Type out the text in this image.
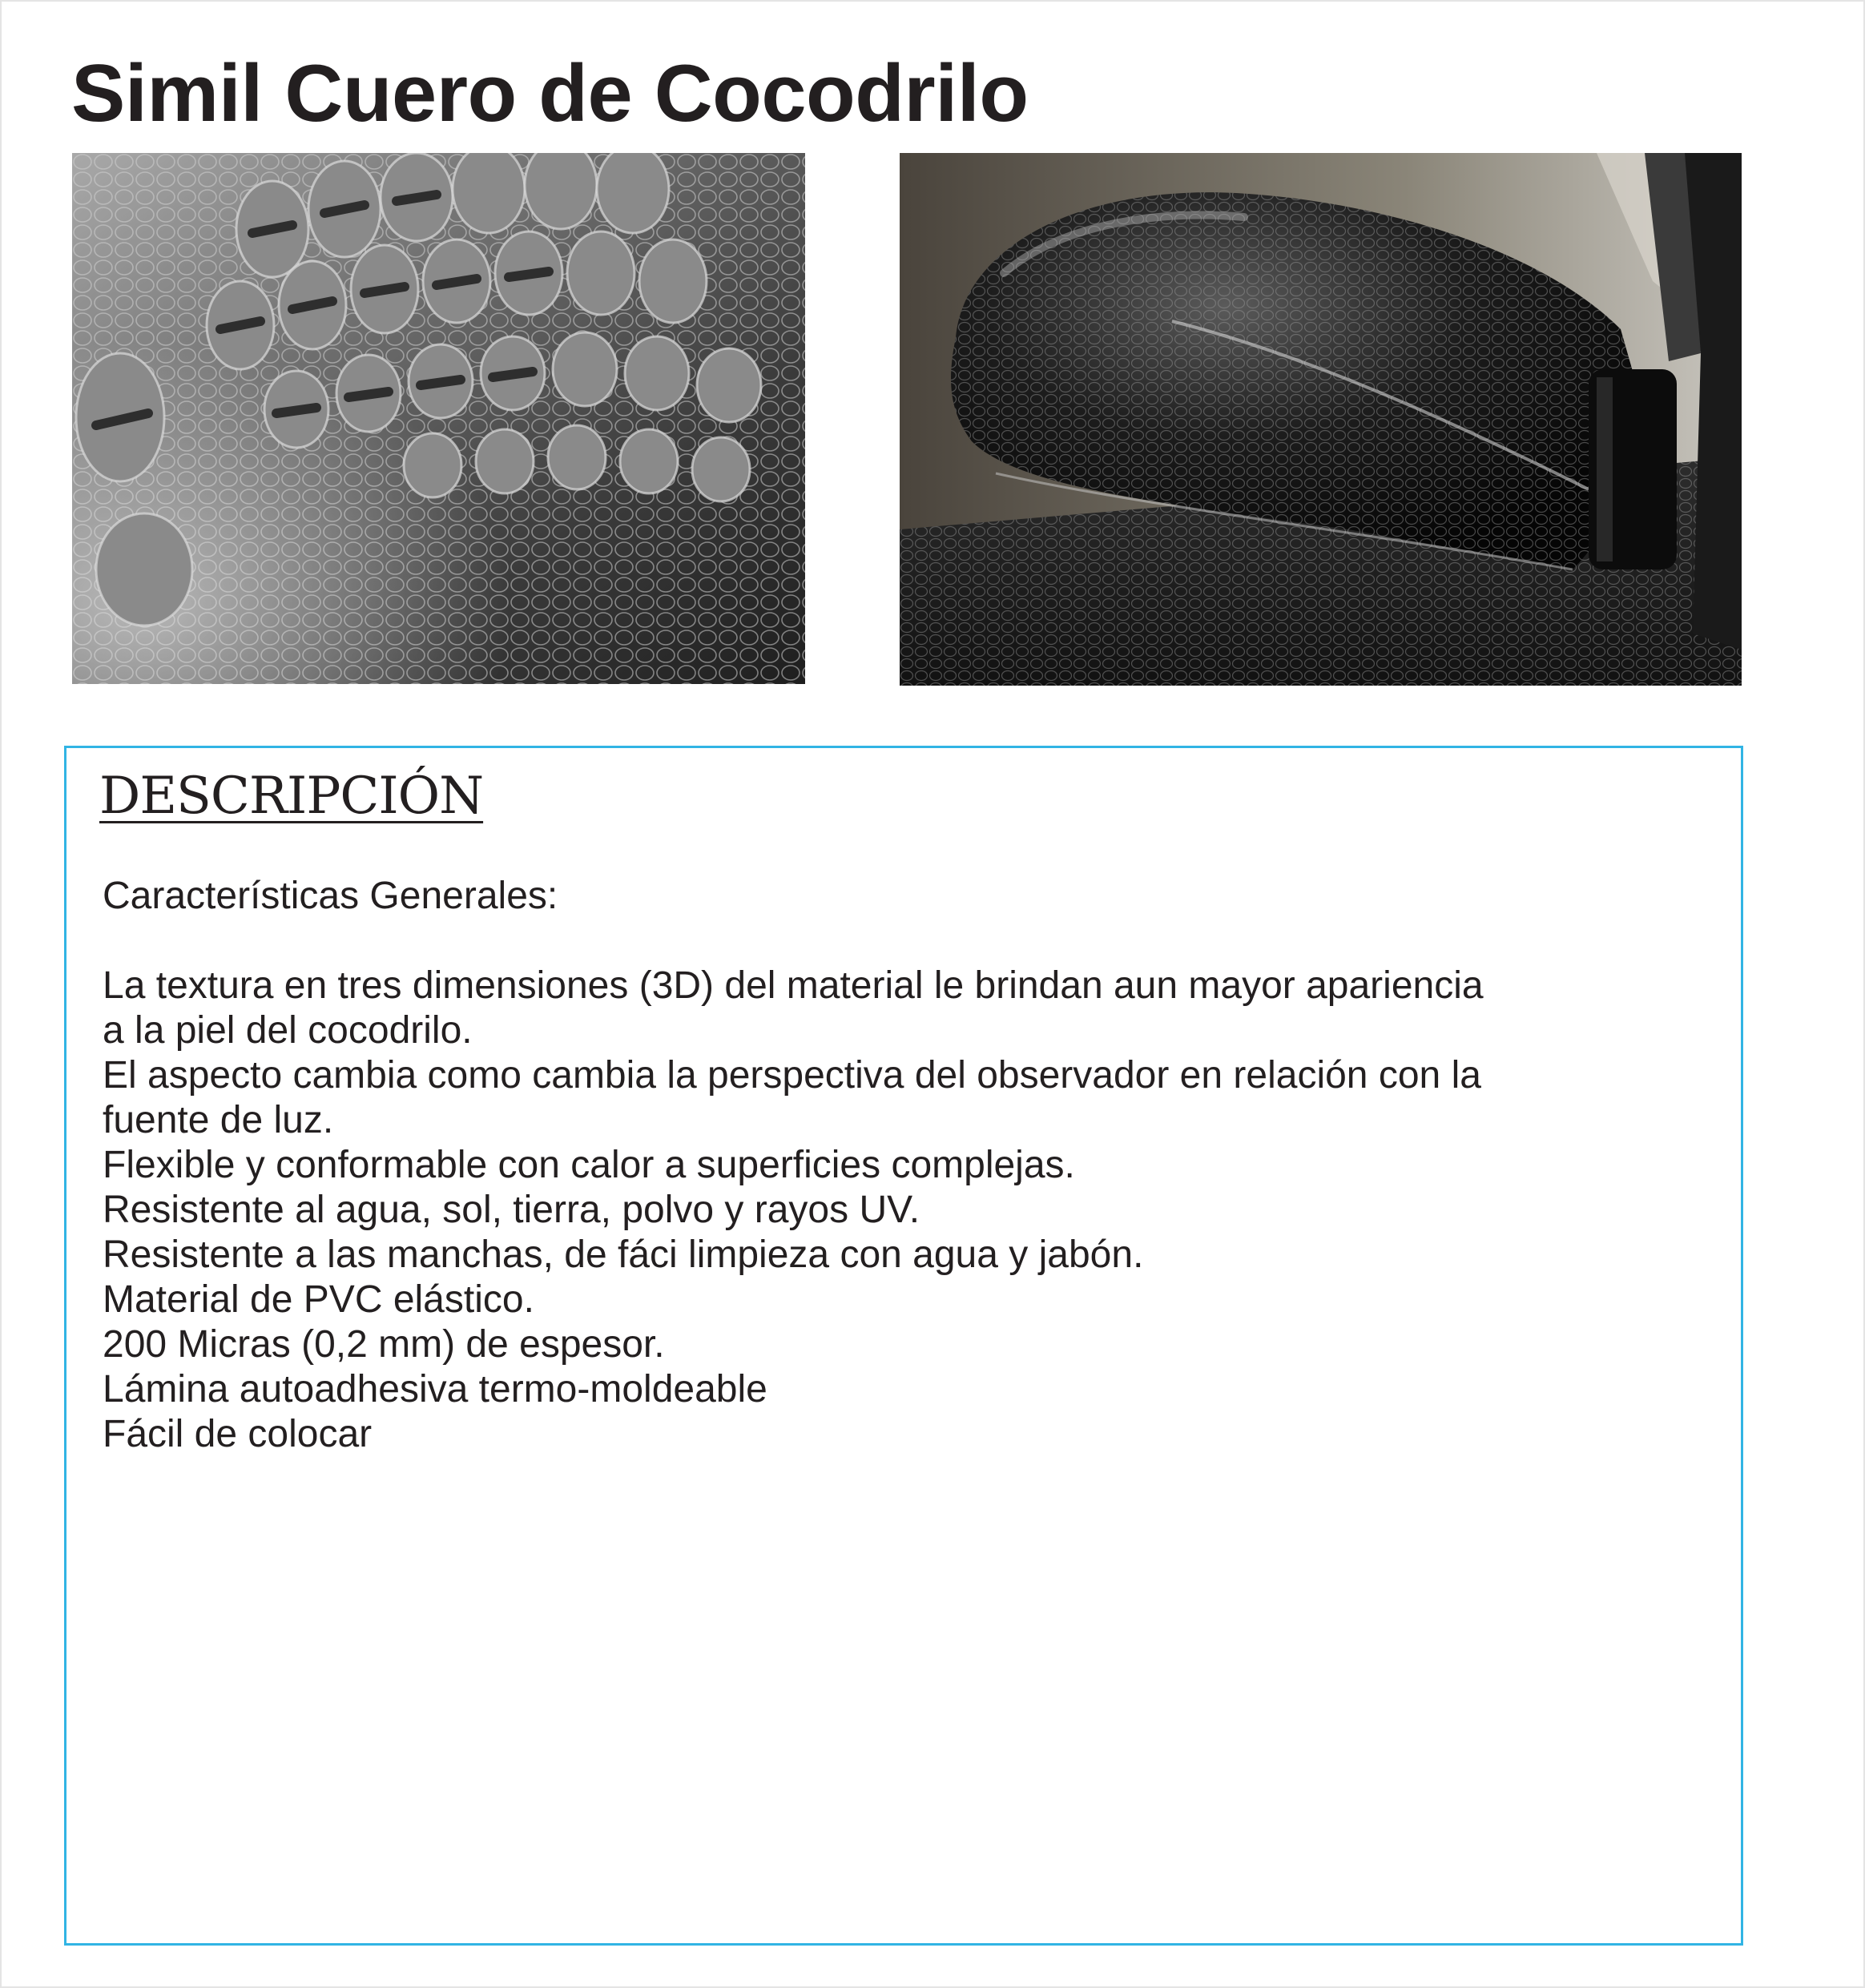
Simil Cuero de Cocodrilo
DESCRIPCIÓN

Características Generales:

La textura en tres dimensiones (3D) del material le brindan aun mayor apariencia
a la piel del cocodrilo.
El aspecto cambia como cambia la perspectiva del observador en relación con la
fuente de luz.
Flexible y conformable con calor a superficies complejas.
Resistente al agua, sol, tierra, polvo y rayos UV.
Resistente a las manchas, de fáci limpieza con agua y jabón.
Material de PVC elástico.
200 Micras (0,2 mm) de espesor.
Lámina autoadhesiva termo-moldeable
Fácil de colocar
